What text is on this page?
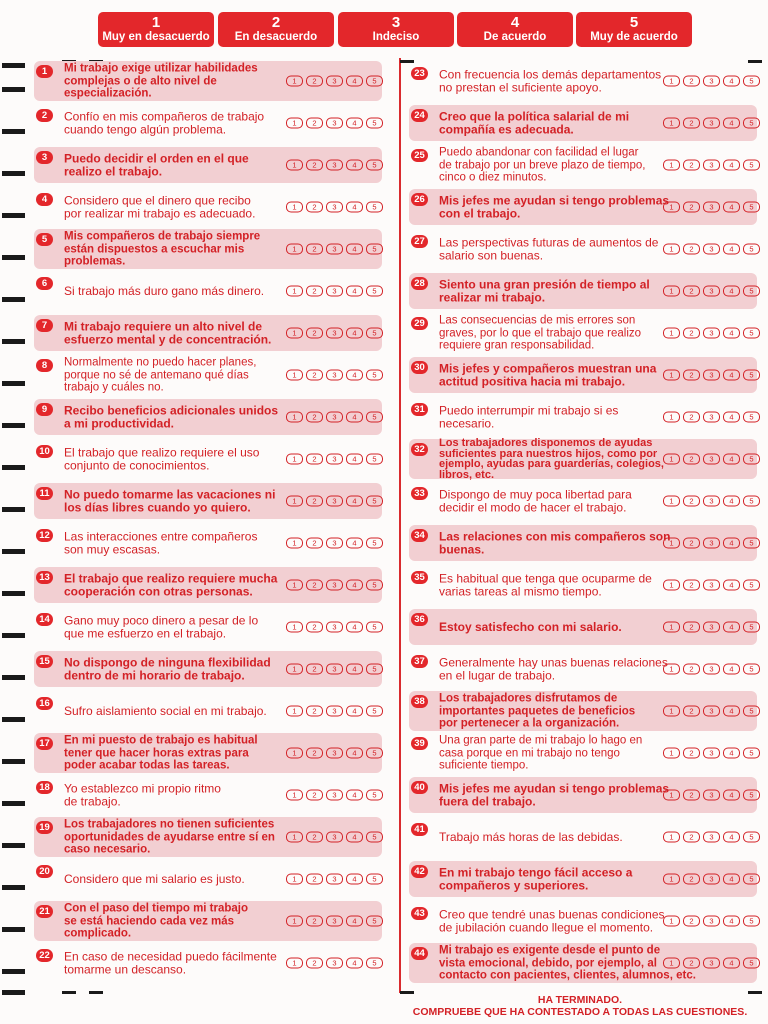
1
Muy en desacuerdo
2
En desacuerdo
3
Indeciso
4
De acuerdo
5
Muy de acuerdo
1	Mi trabajo exige utilizar habilidades
complejas o de alto nivel de
especialización.
1	2	3	4	5
2	Confío en mis compañeros de trabajo
cuando tengo algún problema.	1	2	3	4	5
3	Puedo decidir el orden en el que
realizo el trabajo.	1	2	3	4	5
4	Considero que el dinero que recibo
por realizar mi trabajo es adecuado.	1	2	3	4	5
5	Mis compañeros de trabajo siempre
están dispuestos a escuchar mis
problemas.
1	2	3	4	5
6
Si trabajo más duro gano más dinero.	1	2	3	4	5
7	Mi trabajo requiere un alto nivel de
esfuerzo mental y de concentración.	1	2	3	4	5
8	Normalmente no puedo hacer planes,
porque no sé de antemano qué días
trabajo y cuáles no.
1	2	3	4	5
9	Recibo beneficios adicionales unidos
a mi productividad.	1	2	3	4	5
10 El trabajo que realizo requiere el uso
conjunto de conocimientos.	1	2	3	4	5
11 No puedo tomarme las vacaciones ni
los días libres cuando yo quiero.	1	2	3	4	5
12 Las interacciones entre compañeros
son muy escasas.	1	2	3	4	5
13 El trabajo que realizo requiere mucha
cooperación con otras personas.	1	2	3	4	5
14 Gano muy poco dinero a pesar de lo
que me esfuerzo en el trabajo.	1	2	3	4	5
15 No dispongo de ninguna flexibilidad
dentro de mi horario de trabajo.	1	2	3	4	5
16
Sufro aislamiento social en mi trabajo.	1	2	3	4	5
17 En mi puesto de trabajo es habitual
tener que hacer horas extras para
poder acabar todas las tareas.
1	2	3	4	5
18 Yo establezco mi propio ritmo
de trabajo.	1	2	3	4	5
19 Los trabajadores no tienen suficientes
oportunidades de ayudarse entre sí en
caso necesario.
1	2	3	4	5
20
Considero que mi salario es justo.	1	2	3	4	5
21 Con el paso del tiempo mi trabajo
se está haciendo cada vez más
complicado.
1	2	3	4	5
22 En caso de necesidad puedo fácilmente
tomarme un descanso.	1	2	3	4	5
23 Con frecuencia los demás departamentos
no prestan el suficiente apoyo.	1	2	3	4	5
24 Creo que la política salarial de mi
compañía es adecuada.	1	2	3	4	5
25 Puedo abandonar con facilidad el lugar
de trabajo por un breve plazo de tiempo,
cinco o diez minutos.
1	2	3	4	5
26 Mis jefes me ayudan si tengo problemas
con el trabajo.	1	2	3	4	5
27 Las perspectivas futuras de aumentos de
salario son buenas.	1	2	3	4	5
28 Siento una gran presión de tiempo al
realizar mi trabajo.	1	2	3	4	5
29 Las consecuencias de mis errores son
graves, por lo que el trabajo que realizo
requiere gran responsabilidad.
1	2	3	4	5
30 Mis jefes y compañeros muestran una
actitud positiva hacia mi trabajo.	1	2	3	4	5
31 Puedo interrumpir mi trabajo si es
necesario.	1	2	3	4	5
32
Los trabajadores disponemos de ayudas
suficientes para nuestros hijos, como por
ejemplo, ayudas para guarderías, colegios,
libros, etc.
1	2	3	4	5
33 Dispongo de muy poca libertad para
decidir el modo de hacer el trabajo.	1	2	3	4	5
34 Las relaciones con mis compañeros son
buenas.	1	2	3	4	5
35 Es habitual que tenga que ocuparme de
varias tareas al mismo tiempo.	1	2	3	4	5
36
Estoy satisfecho con mi salario.	1	2	3	4	5
37 Generalmente hay unas buenas relaciones
en el lugar de trabajo.	1	2	3	4	5
38 Los trabajadores disfrutamos de
importantes paquetes de beneficios
por pertenecer a la organización.
1	2	3	4	5
39 Una gran parte de mi trabajo lo hago en
casa porque en mi trabajo no tengo
suficiente tiempo.
1	2	3	4	5
40 Mis jefes me ayudan si tengo problemas
fuera del trabajo.	1	2	3	4	5
41
Trabajo más horas de las debidas.	1	2	3	4	5
42 En mi trabajo tengo fácil acceso a
compañeros y superiores.	1	2	3	4	5
43 Creo que tendré unas buenas condiciones
de jubilación cuando llegue el momento.	1	2	3	4	5
44 Mi trabajo es exigente desde el punto de
vista emocional, debido, por ejemplo, al
contacto con pacientes, clientes, alumnos, etc.
1	2	3	4	5
HA TERMINADO.
COMPRUEBE QUE HA CONTESTADO A TODAS LAS CUESTIONES.
